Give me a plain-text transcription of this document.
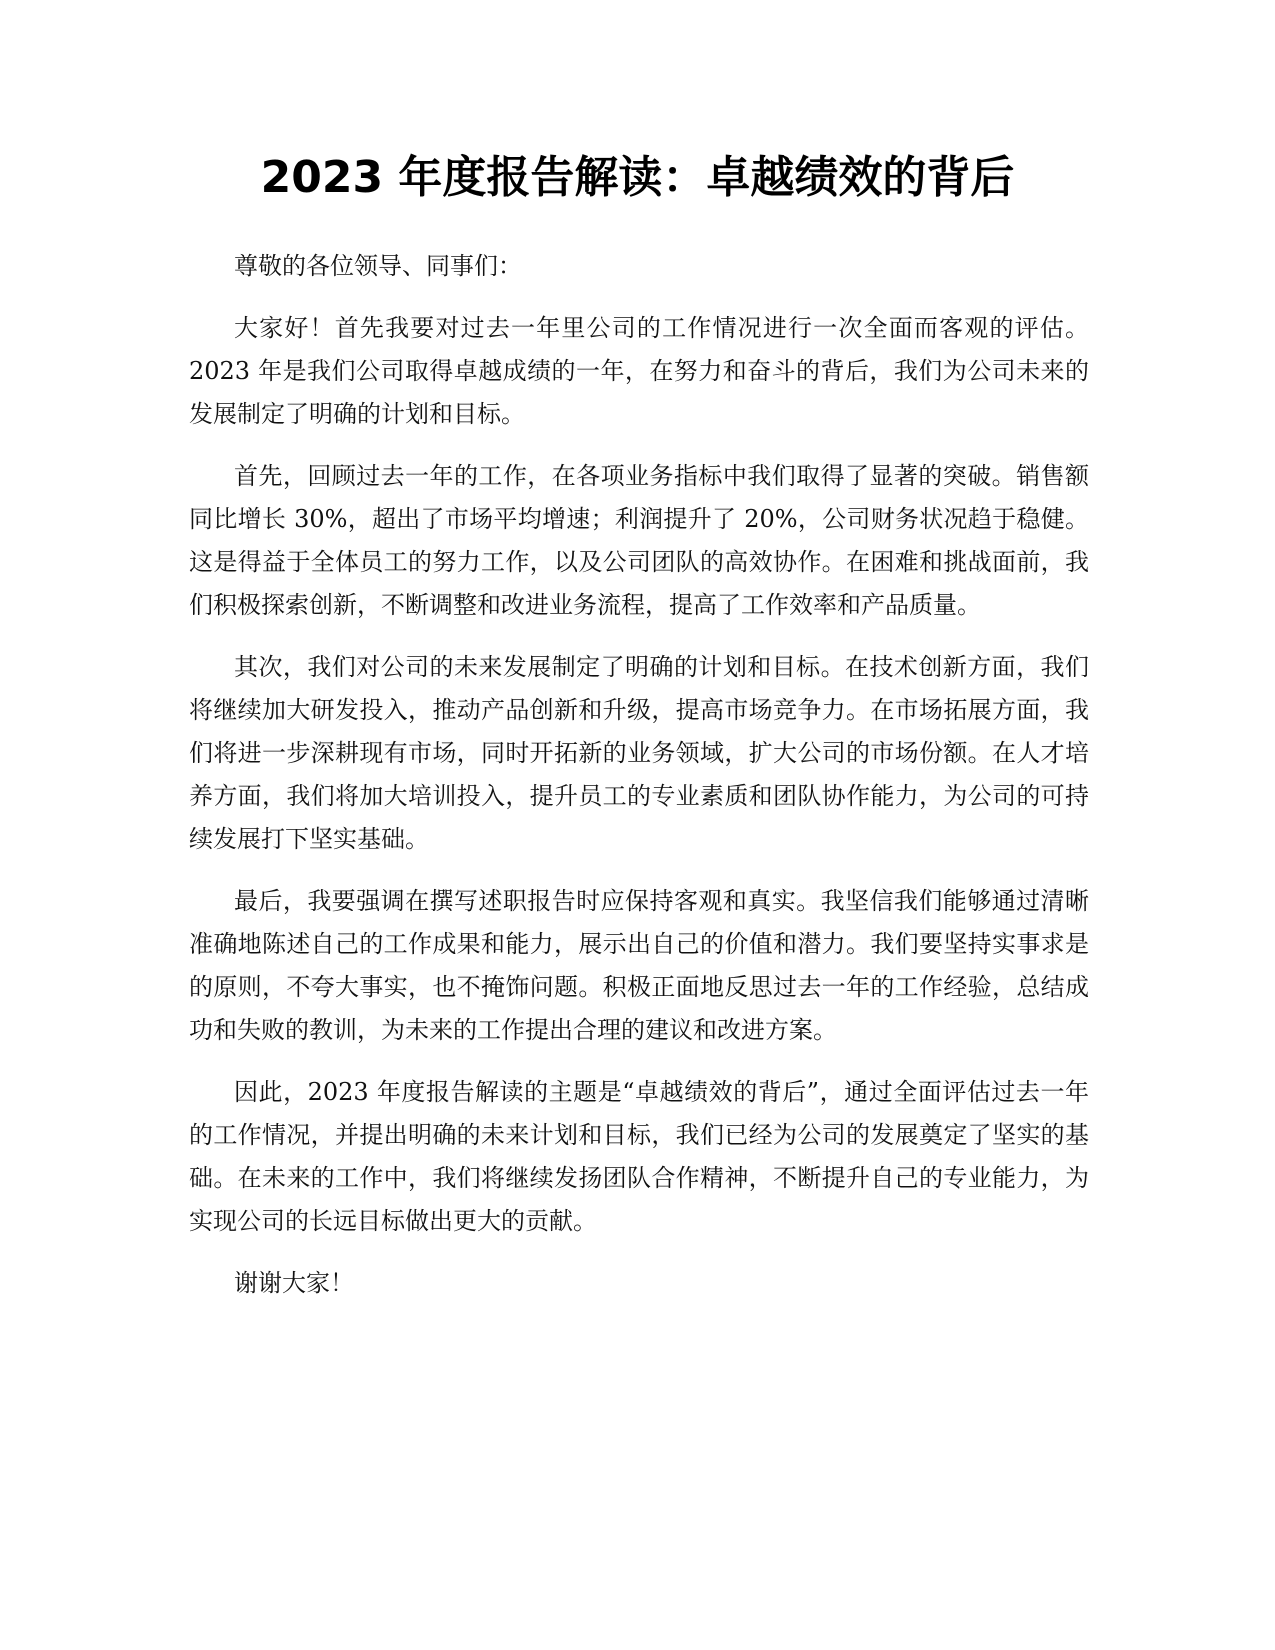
2023 年度报告解读：卓越绩效的背后

尊敬的各位领导、同事们：

大家好！首先我要对过去一年里公司的工作情况进行一次全面而客观的评估。2023 年是我们公司取得卓越成绩的一年，在努力和奋斗的背后，我们为公司未来的发展制定了明确的计划和目标。

首先，回顾过去一年的工作，在各项业务指标中我们取得了显著的突破。销售额同比增长 30%，超出了市场平均增速；利润提升了 20%，公司财务状况趋于稳健。这是得益于全体员工的努力工作，以及公司团队的高效协作。在困难和挑战面前，我们积极探索创新，不断调整和改进业务流程，提高了工作效率和产品质量。

其次，我们对公司的未来发展制定了明确的计划和目标。在技术创新方面，我们将继续加大研发投入，推动产品创新和升级，提高市场竞争力。在市场拓展方面，我们将进一步深耕现有市场，同时开拓新的业务领域，扩大公司的市场份额。在人才培养方面，我们将加大培训投入，提升员工的专业素质和团队协作能力，为公司的可持续发展打下坚实基础。

最后，我要强调在撰写述职报告时应保持客观和真实。我坚信我们能够通过清晰准确地陈述自己的工作成果和能力，展示出自己的价值和潜力。我们要坚持实事求是的原则，不夸大事实，也不掩饰问题。积极正面地反思过去一年的工作经验，总结成功和失败的教训，为未来的工作提出合理的建议和改进方案。

因此，2023 年度报告解读的主题是“卓越绩效的背后”，通过全面评估过去一年的工作情况，并提出明确的未来计划和目标，我们已经为公司的发展奠定了坚实的基础。在未来的工作中，我们将继续发扬团队合作精神，不断提升自己的专业能力，为实现公司的长远目标做出更大的贡献。

谢谢大家！
